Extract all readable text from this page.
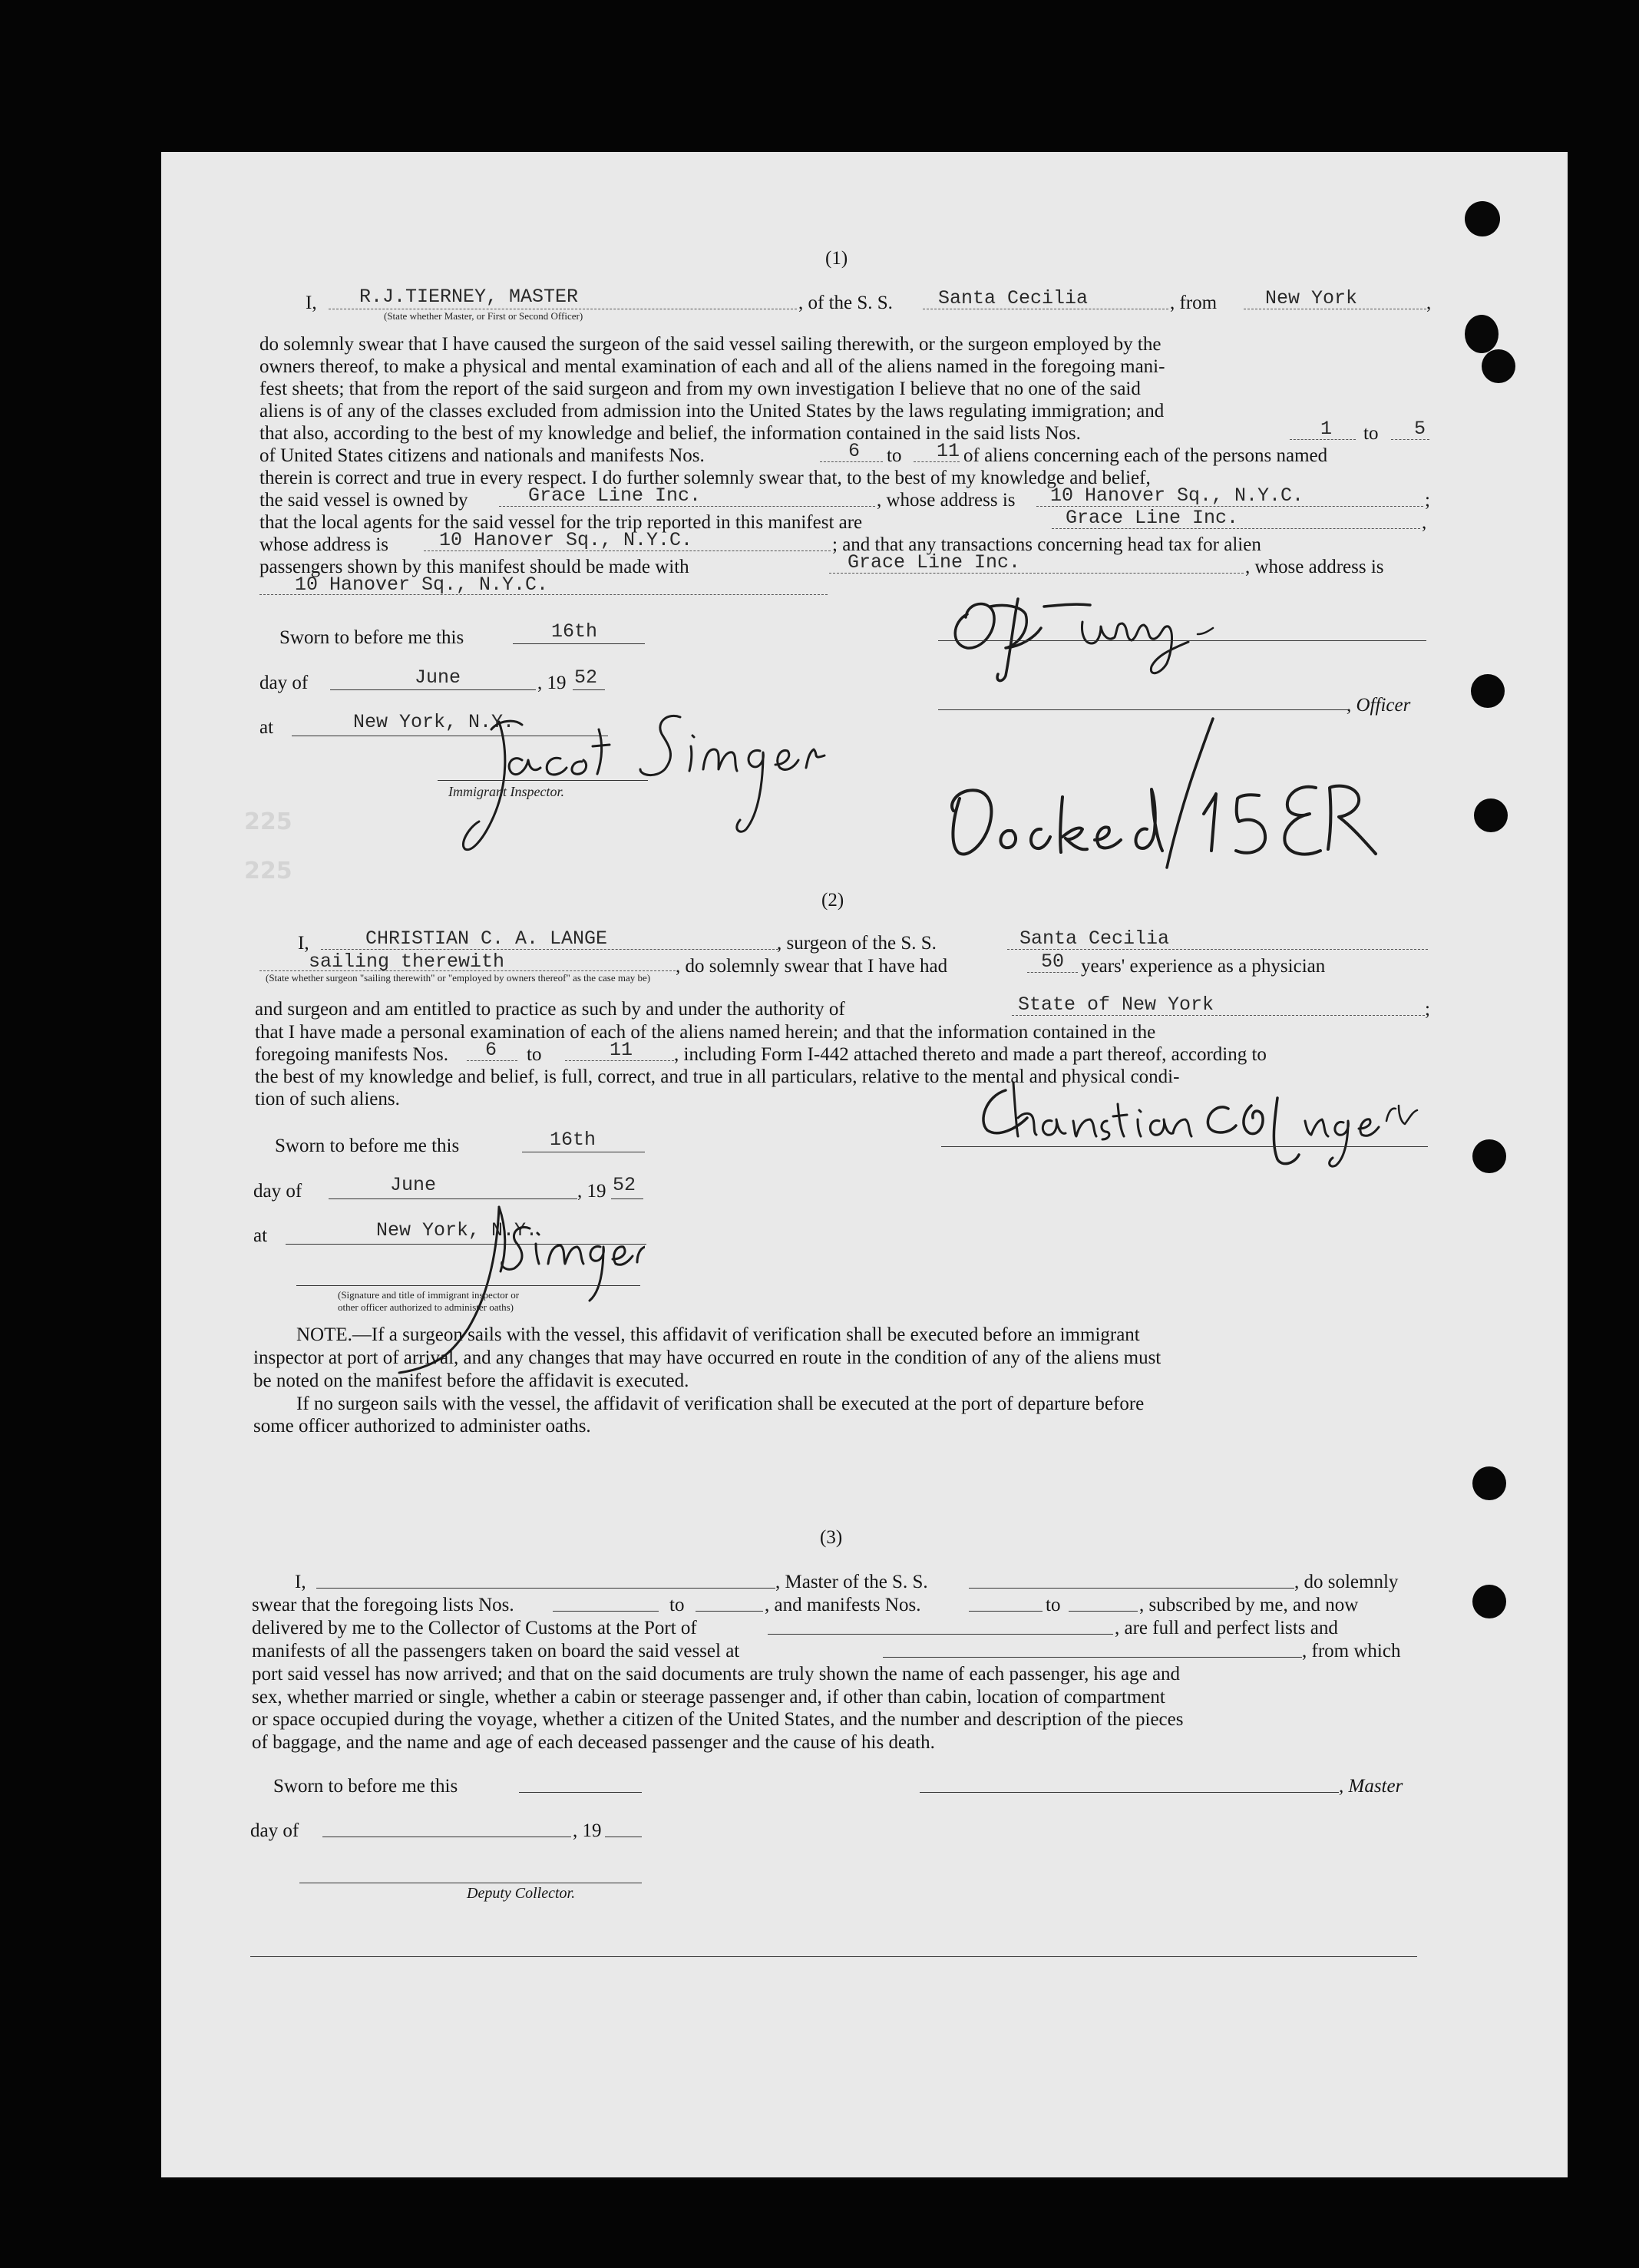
225
225
(1)
I, R.J.TIERNEY, MASTER
(State whether Master, or First or Second Officer)
, of the S. S. Santa Cecilia	, from	New York	,
do solemnly swear that I have caused the surgeon of the said vessel sailing therewith, or the surgeon employed by the
owners thereof, to make a physical and mental examination of each and all of the aliens named in the foregoing mani-
fest sheets; that from the report of the said surgeon and from my own investigation I believe that no one of the said
aliens is of any of the classes excluded from admission into the United States by the laws regulating immigration; and
that also, according to the best of my knowledge and belief, the information contained in the said lists Nos.	1 to 5
of United States citizens and nationals and manifests Nos.	6 to 11 of aliens concerning each of the persons named
therein is correct and true in every respect. I do further solemnly swear that, to the best of my knowledge and belief,
the said vessel is owned by	Grace Line Inc.	, whose address is 10 Hanover Sq., N.Y.C.	;
that the local agents for the said vessel for the trip reported in this manifest are	Grace Line Inc.	,
whose address is	10 Hanover Sq., N.Y.C.	; and that any transactions concerning head tax for alien
passengers shown by this manifest should be made with	Grace Line Inc.	, whose address is
10 Hanover Sq., N.Y.C.
Sworn to before me this	16th
day of	June	, 19 52
at	New York, N.Y.
Immigrant Inspector.
, Officer
(2)
I,	CHRISTIAN C. A. LANGE	, surgeon of the S. S.	Santa Cecilia
sailing therewith
(State whether surgeon "sailing therewith" or "employed by owners thereof" as the case may be)
, do solemnly swear that I have had	50 years' experience as a physician
and surgeon and am entitled to practice as such by and under the authority of	State of New York	;
that I have made a personal examination of each of the aliens named herein; and that the information contained in the
foregoing manifests Nos. 6 to	11 , including Form I-442 attached thereto and made a part thereof, according to
the best of my knowledge and belief, is full, correct, and true in all particulars, relative to the mental and physical condi-
tion of such aliens.
Sworn to before me this	16th
day of	June	, 19 52
at	New York, N.Y.
(Signature and title of immigrant inspector or
other officer authorized to administer oaths)
NOTE.—If a surgeon sails with the vessel, this affidavit of verification shall be executed before an immigrant
inspector at port of arrival, and any changes that may have occurred en route in the condition of any of the aliens must
be noted on the manifest before the affidavit is executed.
If no surgeon sails with the vessel, the affidavit of verification shall be executed at the port of departure before
some officer authorized to administer oaths.
(3)
I,	, Master of the S. S.	, do solemnly
swear that the foregoing lists Nos.	to	, and manifests Nos.	to	, subscribed by me, and now
delivered by me to the Collector of Customs at the Port of	, are full and perfect lists and
manifests of all the passengers taken on board the said vessel at	, from which
port said vessel has now arrived; and that on the said documents are truly shown the name of each passenger, his age and
sex, whether married or single, whether a cabin or steerage passenger and, if other than cabin, location of compartment
or space occupied during the voyage, whether a citizen of the United States, and the number and description of the pieces
of baggage, and the name and age of each deceased passenger and the cause of his death.
Sworn to before me this	, Master
day of	, 19
Deputy Collector.
